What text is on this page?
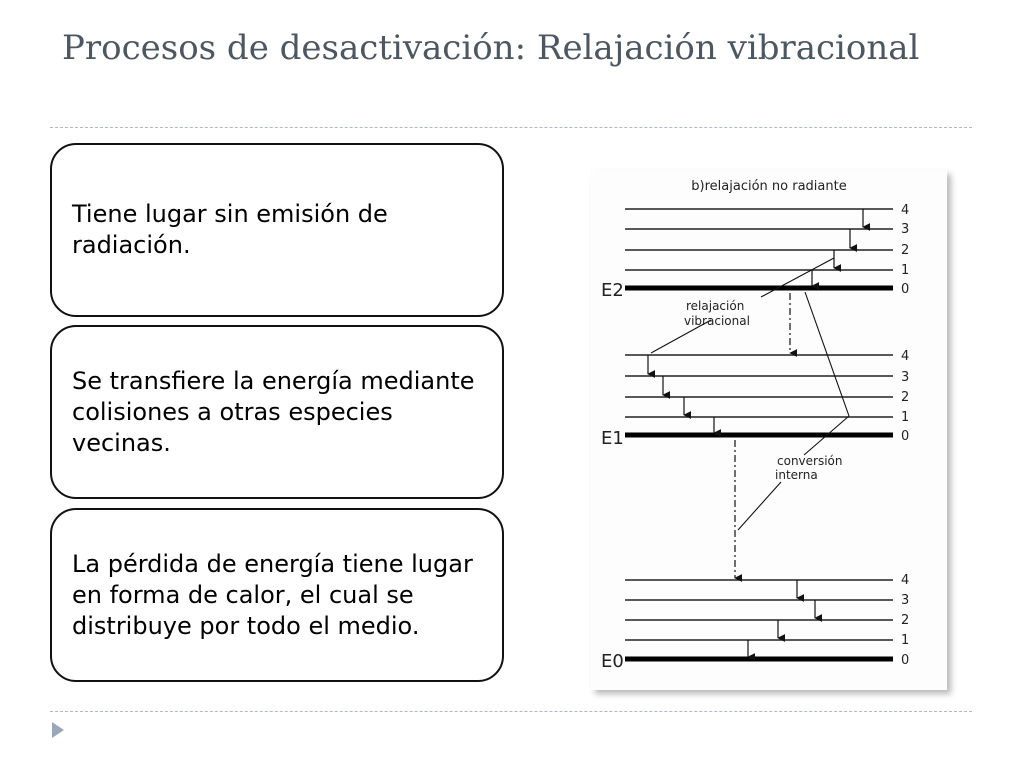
Procesos de desactivación: Relajación vibracional
Tiene lugar sin emisión de radiación.
Se transfiere la energía mediante colisiones a otras especies vecinas.
La pérdida de energía tiene lugar en forma de calor, el cual se distribuye por todo el medio.
b)relajación no radiante
4
3
2
1
0
E2
4
3
2
1
0
E1
4
3
2
1
0
E0
relajación
vibracional
conversión
interna
